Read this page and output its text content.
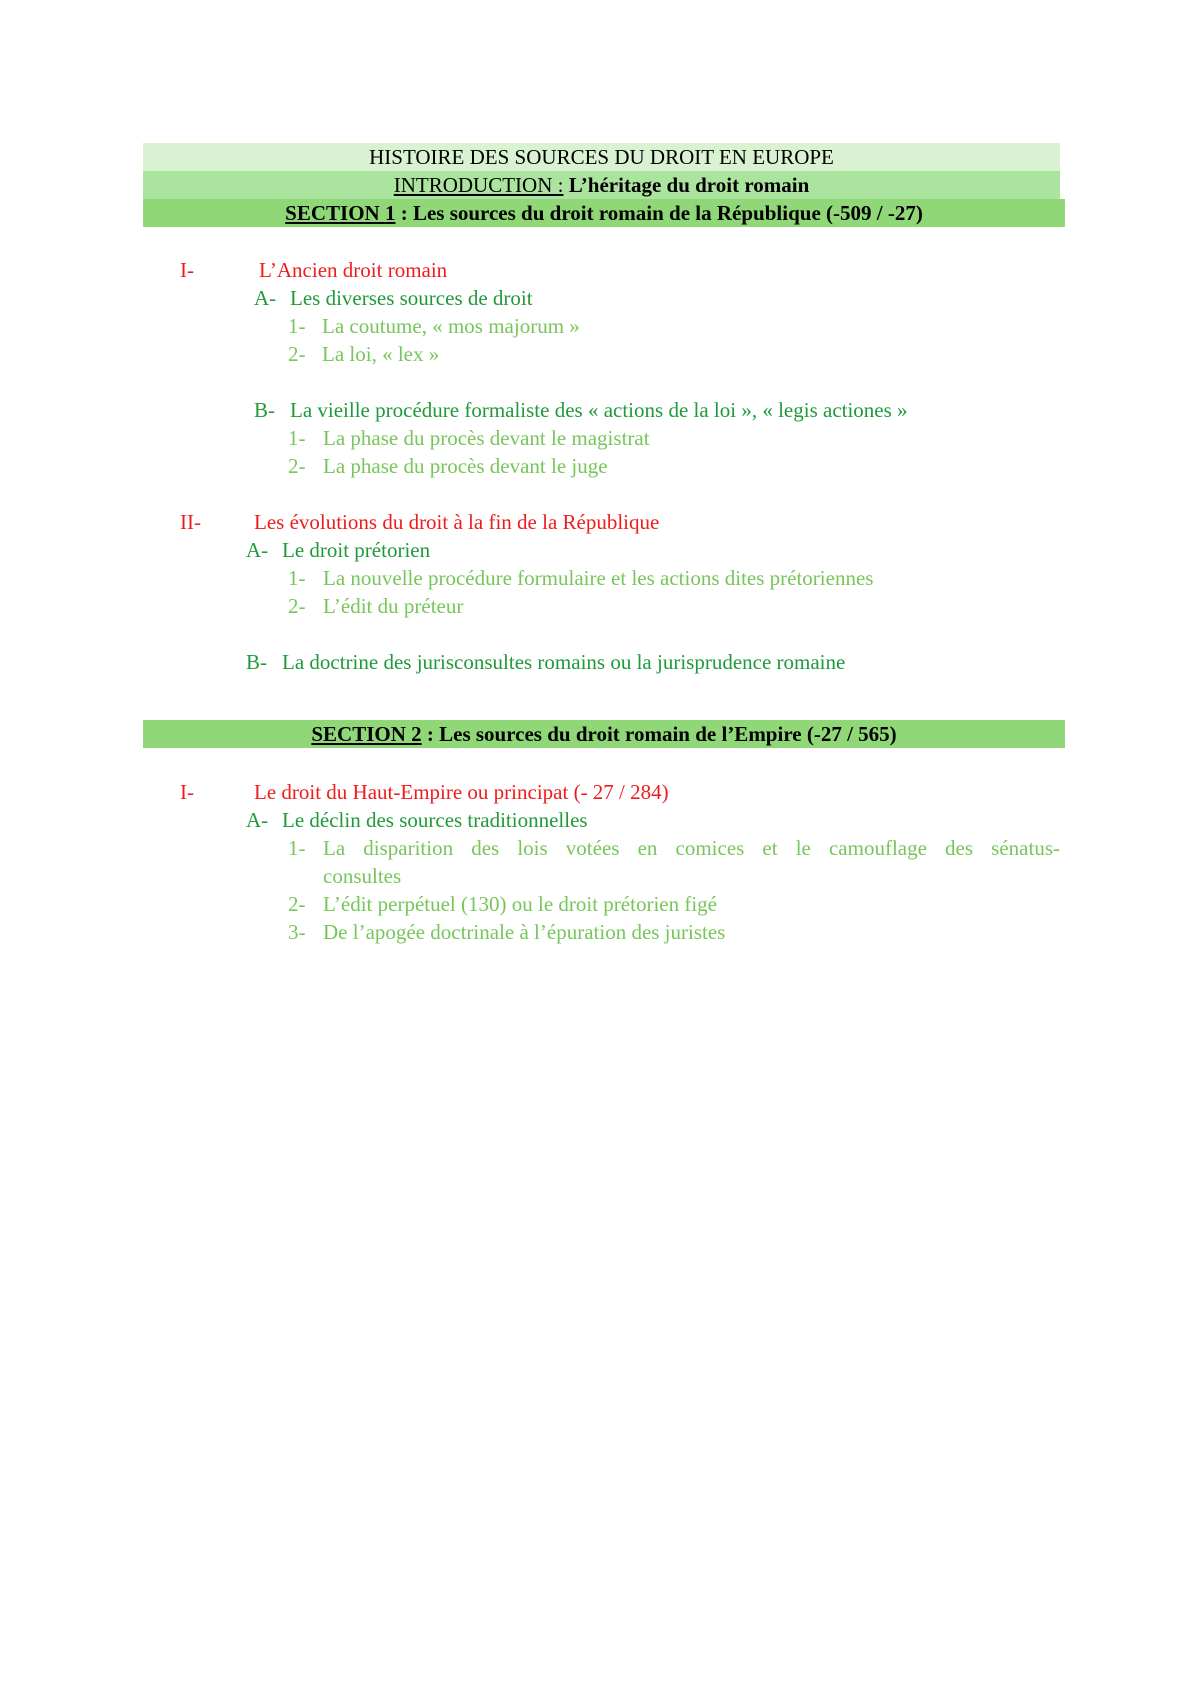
HISTOIRE DES SOURCES DU DROIT EN EUROPE
INTRODUCTION : L’héritage du droit romain
SECTION 1 : Les sources du droit romain de la République (-509 / -27)
I-	L’Ancien droit romain
A- Les diverses sources de droit
1- La coutume, « mos majorum »
2- La loi, « lex »
B- La vieille procédure formaliste des « actions de la loi », « legis actiones »
1- La phase du procès devant le magistrat
2- La phase du procès devant le juge
II-	Les évolutions du droit à la fin de la République
A- Le droit prétorien
1- La nouvelle procédure formulaire et les actions dites prétoriennes
2- L’édit du préteur
B- La doctrine des jurisconsultes romains ou la jurisprudence romaine
SECTION 2 : Les sources du droit romain de l’Empire (-27 / 565)
I-	Le droit du Haut-Empire ou principat (- 27 / 284)
A- Le déclin des sources traditionnelles
1- La disparition des lois votées en comices et le camouflage des sénatus-
consultes
2- L’édit perpétuel (130) ou le droit prétorien figé
3- De l’apogée doctrinale à l’épuration des juristes
